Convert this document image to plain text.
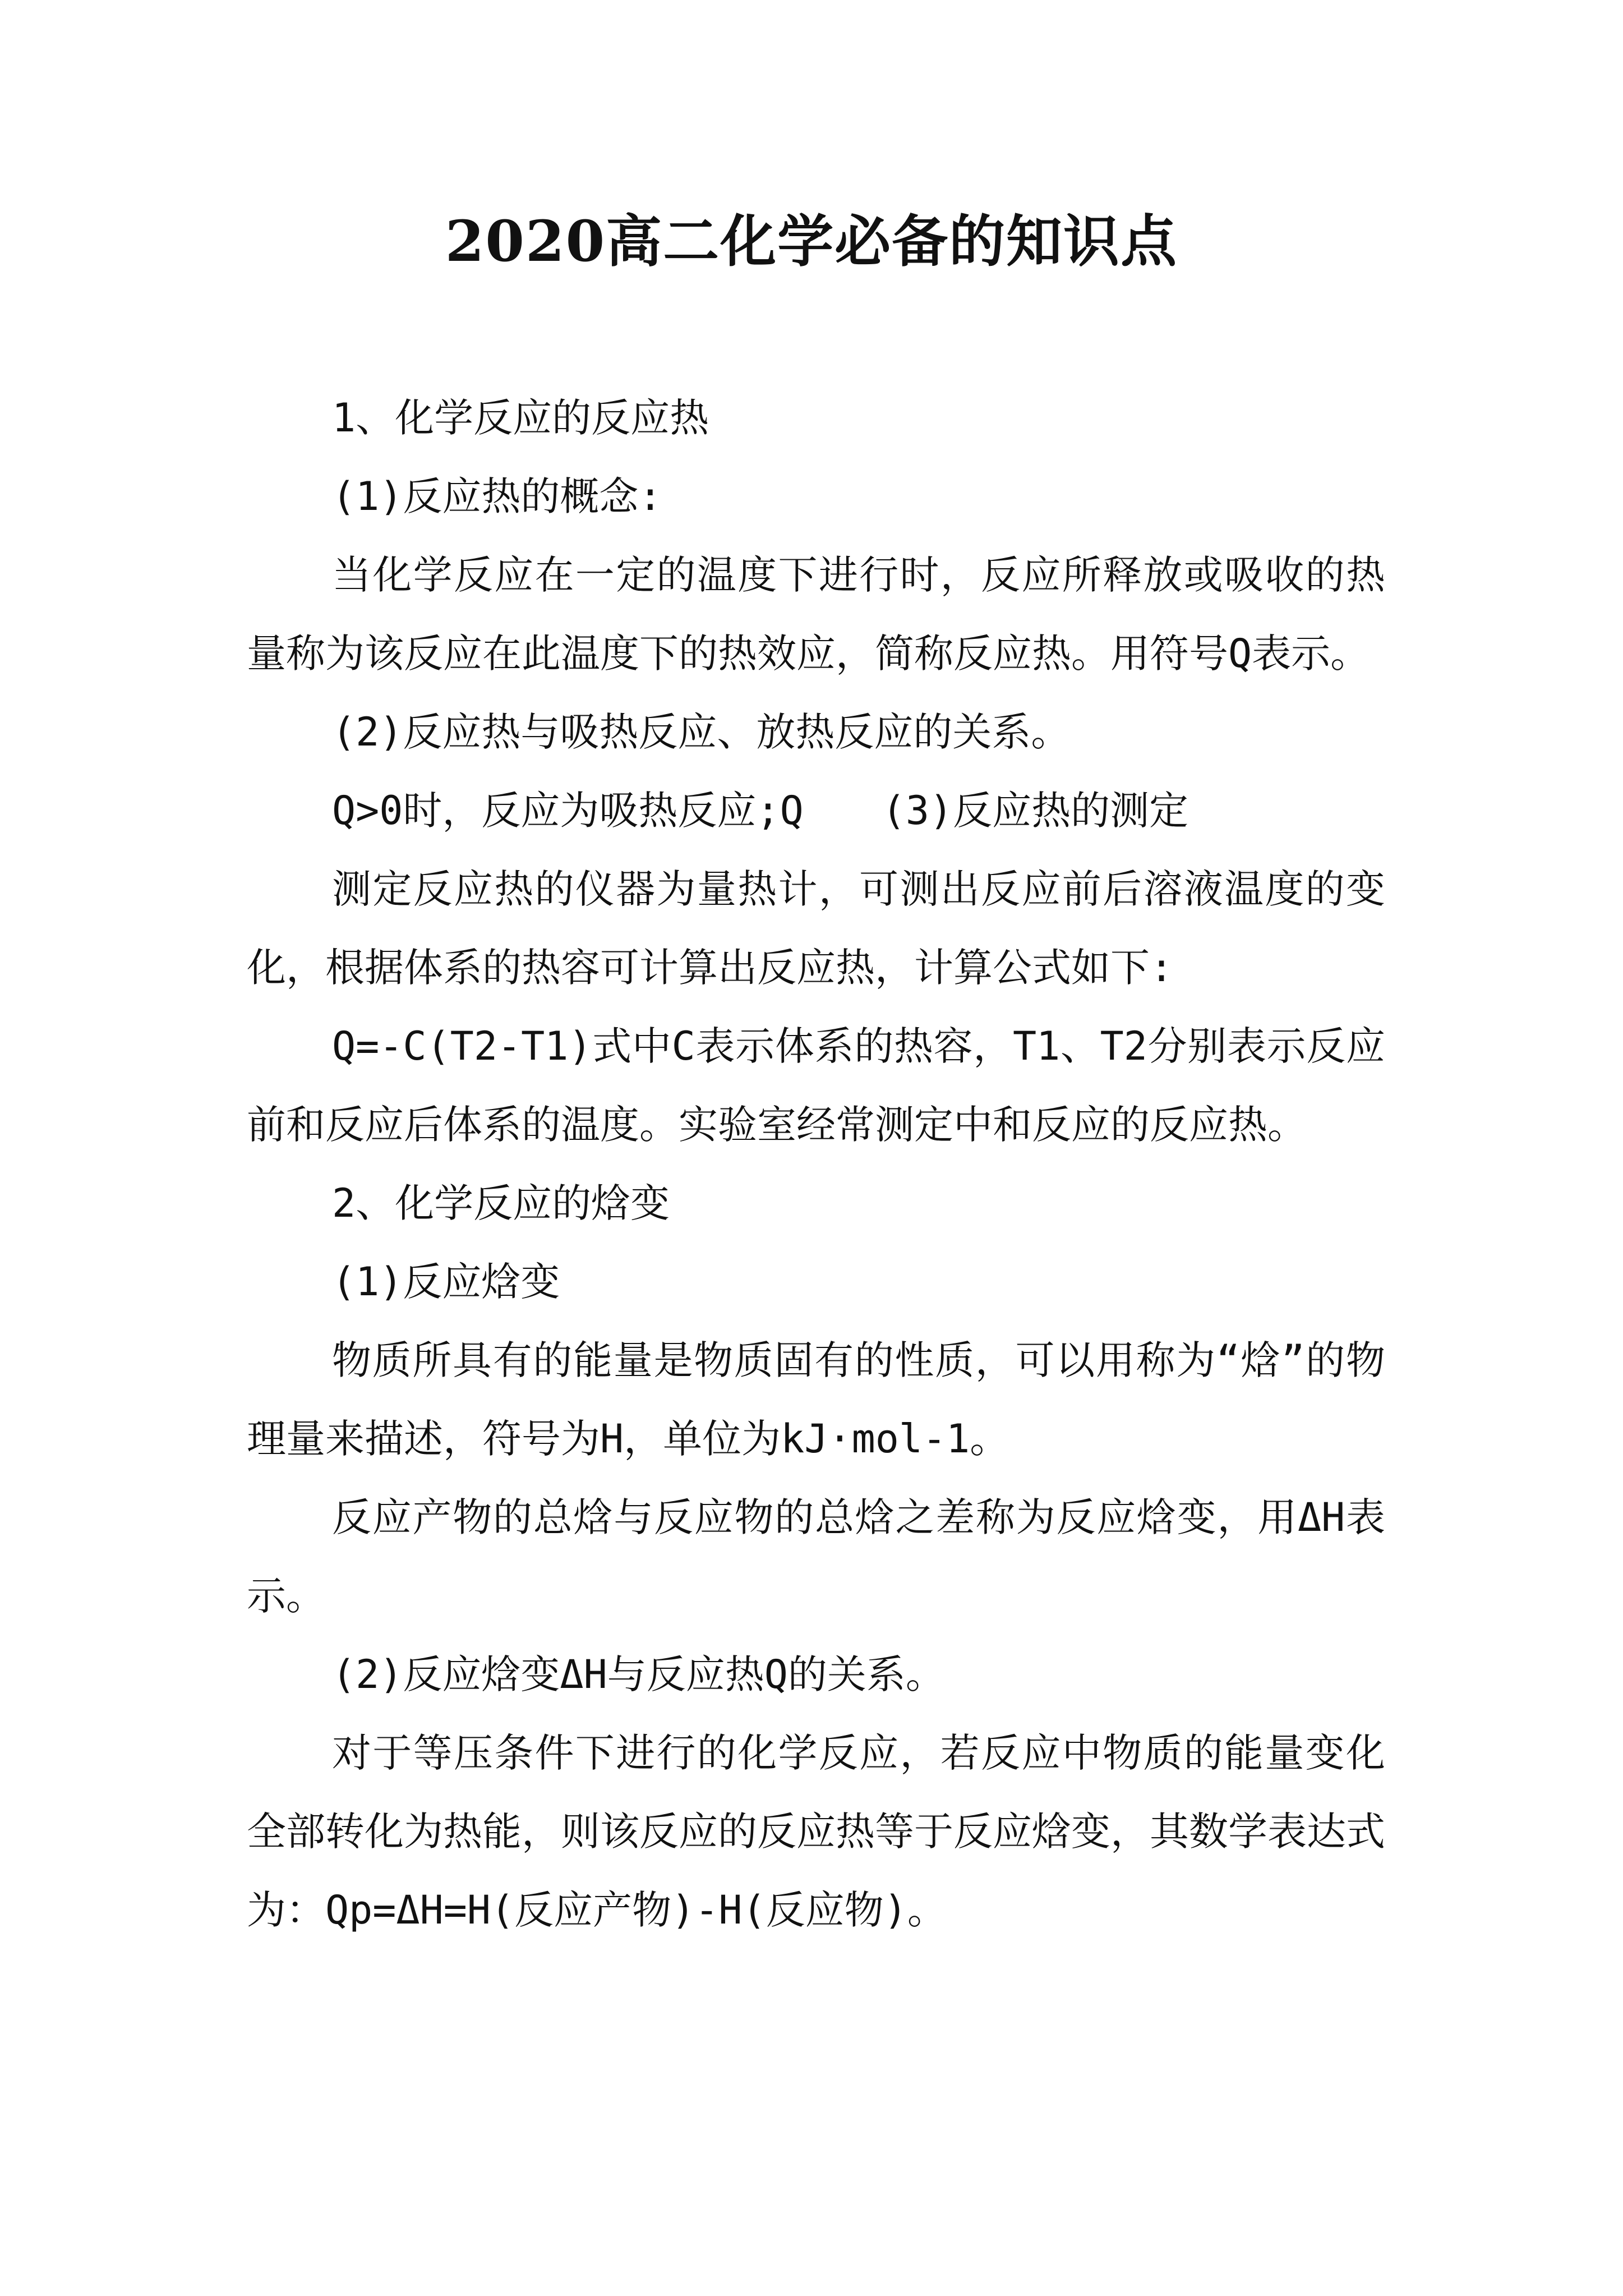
2020高二化学必备的知识点

1、化学反应的反应热

(1)反应热的概念:

当化学反应在一定的温度下进行时，反应所释放或吸收的热量称为该反应在此温度下的热效应，简称反应热。用符号Q表示。

(2)反应热与吸热反应、放热反应的关系。

Q>0时，反应为吸热反应;Q　　(3)反应热的测定

测定反应热的仪器为量热计，可测出反应前后溶液温度的变化，根据体系的热容可计算出反应热，计算公式如下:

Q=-C(T2-T1)式中C表示体系的热容，T1、T2分别表示反应前和反应后体系的温度。实验室经常测定中和反应的反应热。

2、化学反应的焓变

(1)反应焓变

物质所具有的能量是物质固有的性质，可以用称为“焓”的物理量来描述，符号为H，单位为kJ·mol-1。

反应产物的总焓与反应物的总焓之差称为反应焓变，用ΔH表示。

(2)反应焓变ΔH与反应热Q的关系。

对于等压条件下进行的化学反应，若反应中物质的能量变化全部转化为热能，则该反应的反应热等于反应焓变，其数学表达式为：Qp=ΔH=H(反应产物)-H(反应物)。
